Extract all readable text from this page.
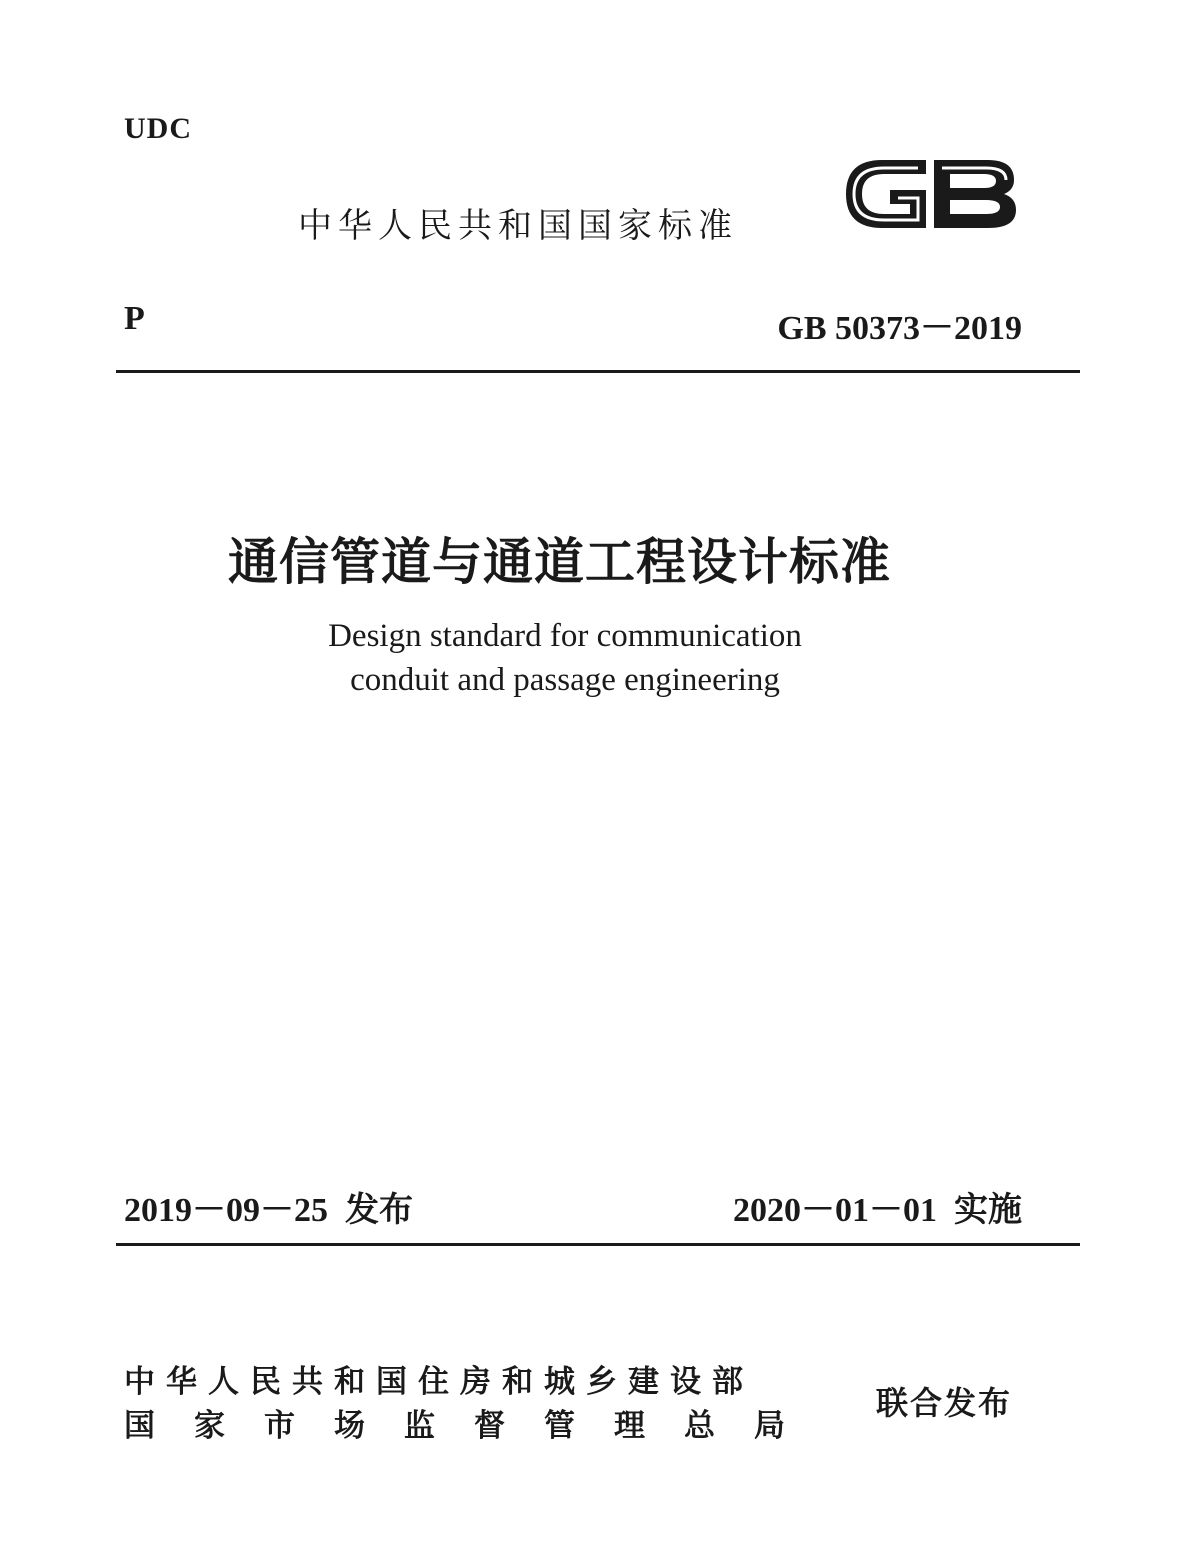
UDC
中华人民共和国国家标准
P	GB 50373－2019
通信管道与通道工程设计标准
Design standard for communication
conduit and passage engineering
2019－09－25  发布	2020－01－01  实施
中华人民共和国住房和城乡建设部
国家市场监督管理总局
联合发布
